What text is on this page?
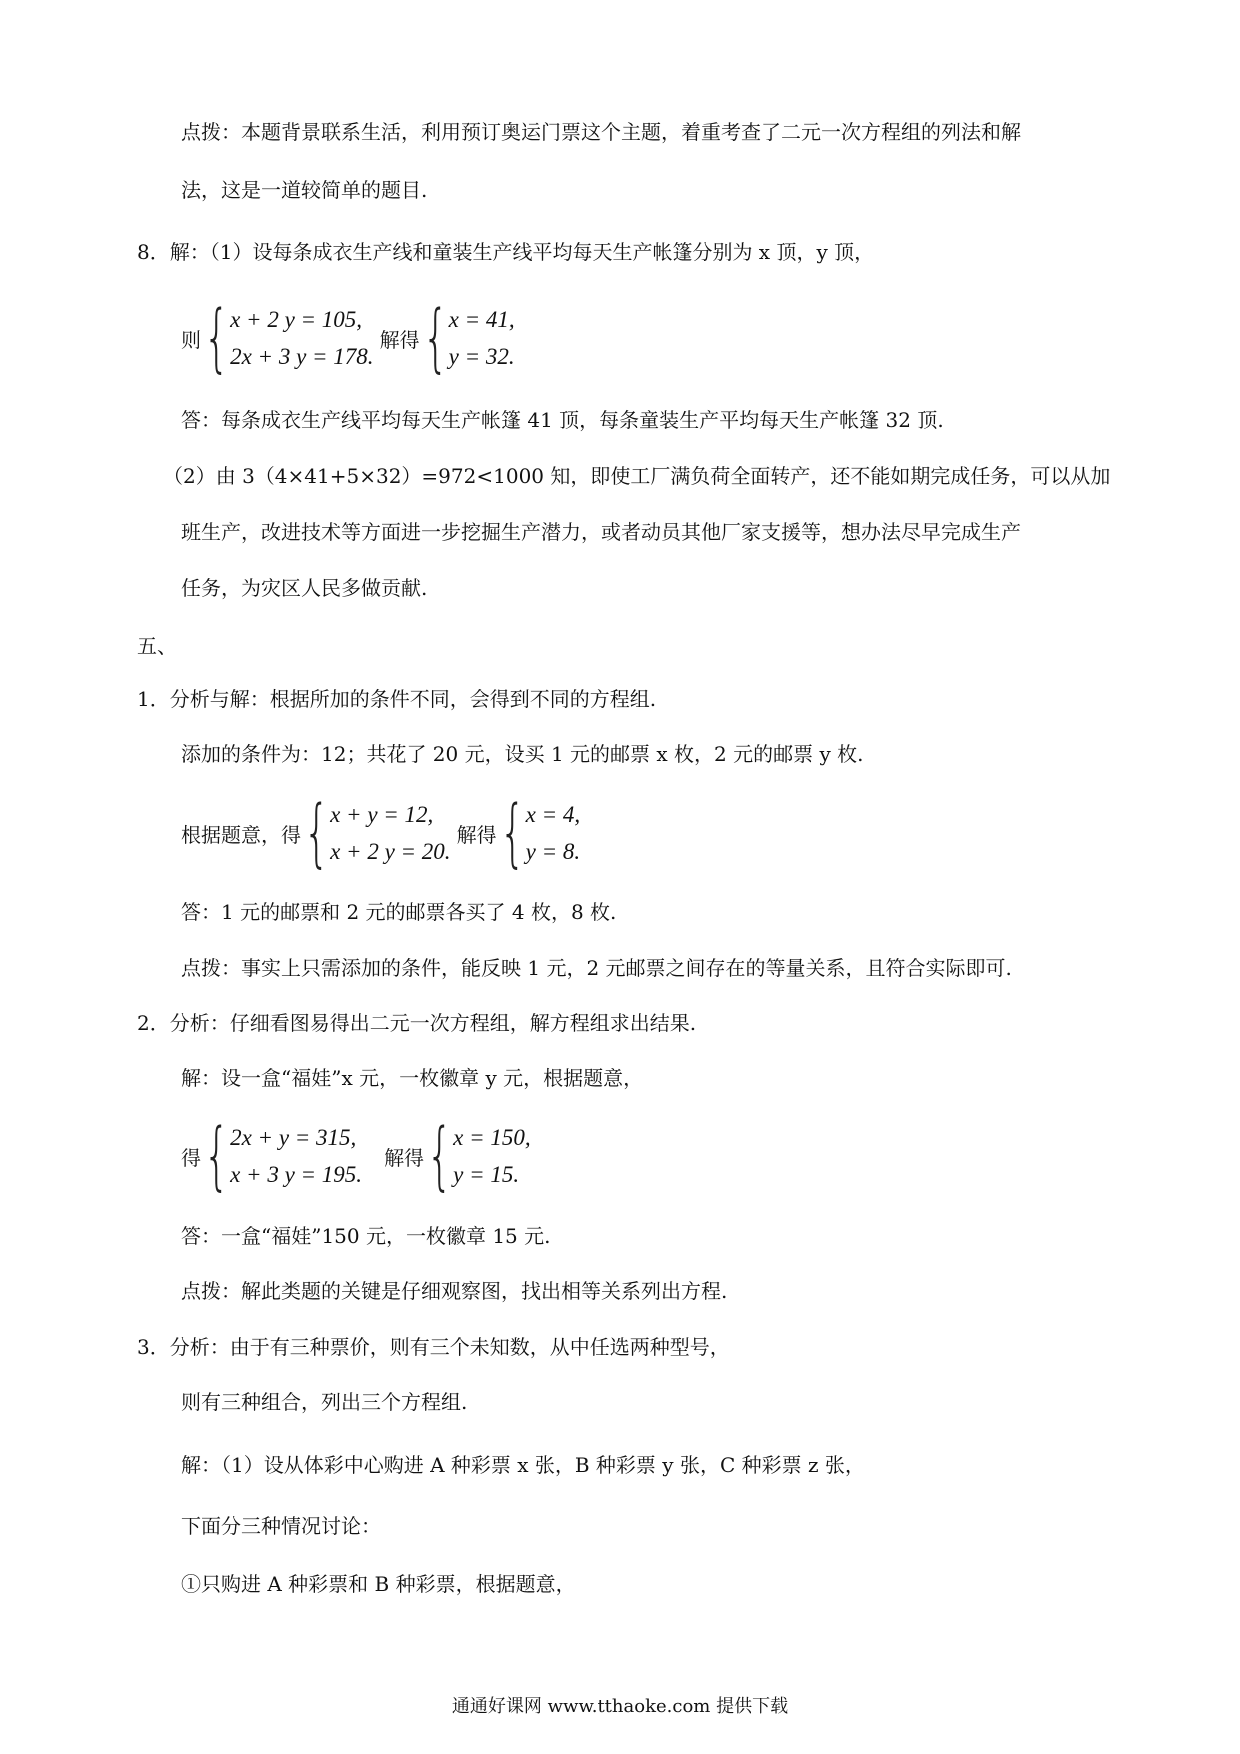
点拨：本题背景联系生活，利用预订奥运门票这个主题，着重考查了二元一次方程组的列法和解
法，这是一道较简单的题目.
8．解：（1）设每条成衣生产线和童装生产线平均每天生产帐篷分别为 x 顶，y 顶，
则 { x + 2 y = 105,
2x + 3 y = 178.
解得 { x = 41,
y = 32.
答：每条成衣生产线平均每天生产帐篷 41 顶，每条童装生产平均每天生产帐篷 32 顶.
（2）由 3（4×41+5×32）=972<1000 知，即使工厂满负荷全面转产，还不能如期完成任务，可以从加
班生产，改进技术等方面进一步挖掘生产潜力，或者动员其他厂家支援等，想办法尽早完成生产
任务，为灾区人民多做贡献.
五、
1．分析与解：根据所加的条件不同，会得到不同的方程组.
添加的条件为：12；共花了 20 元，设买 1 元的邮票 x 枚，2 元的邮票 y 枚.
根据题意，得 { x + y = 12,
x + 2 y = 20.
解得 { x = 4,
y = 8.
答：1 元的邮票和 2 元的邮票各买了 4 枚，8 枚.
点拨：事实上只需添加的条件，能反映 1 元，2 元邮票之间存在的等量关系，且符合实际即可.
2．分析：仔细看图易得出二元一次方程组，解方程组求出结果.
解：设一盒“福娃”x 元，一枚徽章 y 元，根据题意，
得 { 2x + y = 315,
x + 3 y = 195.
解得 { x = 150,
y = 15.
答：一盒“福娃”150 元，一枚徽章 15 元.
点拨：解此类题的关键是仔细观察图，找出相等关系列出方程.
3．分析：由于有三种票价，则有三个未知数，从中任选两种型号，
则有三种组合，列出三个方程组.
解：（1）设从体彩中心购进 A 种彩票 x 张，B 种彩票 y 张，C 种彩票 z 张，
下面分三种情况讨论：
①只购进 A 种彩票和 B 种彩票，根据题意，
通通好课网 www.tthaoke.com 提供下载
